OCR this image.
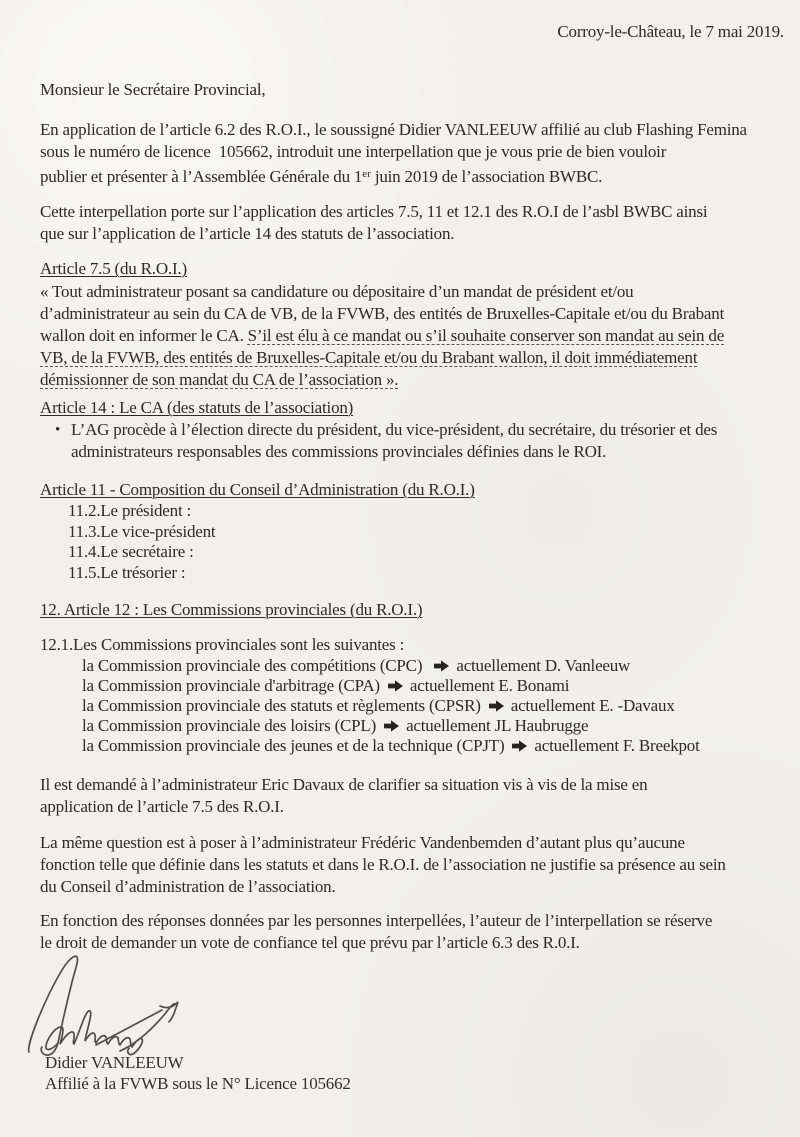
Corroy-le-Château, le 7 mai 2019.
Monsieur le Secrétaire Provincial,
En application de l’article 6.2 des R.O.I., le soussigné Didier VANLEEUW affilié au club Flashing Femina
sous le numéro de licence  105662, introduit une interpellation que je vous prie de bien vouloir
publier et présenter à l’Assemblée Générale du 1er juin 2019 de l’association BWBC.
Cette interpellation porte sur l’application des articles 7.5, 11 et 12.1 des R.O.I de l’asbl BWBC ainsi
que sur l’application de l’article 14 des statuts de l’association.
Article 7.5 (du R.O.I.)
« Tout administrateur posant sa candidature ou dépositaire d’un mandat de président et/ou
d’administrateur au sein du CA de VB, de la FVWB, des entités de Bruxelles-Capitale et/ou du Brabant
wallon doit en informer le CA. S’il est élu à ce mandat ou s’il souhaite conserver son mandat au sein de
VB, de la FVWB, des entités de Bruxelles-Capitale et/ou du Brabant wallon, il doit immédiatement
démissionner de son mandat du CA de l’association ».
Article 14 : Le CA (des statuts de l’association)
• L’AG procède à l’élection directe du président, du vice-président, du secrétaire, du trésorier et des
administrateurs responsables des commissions provinciales définies dans le ROI.
Article 11 - Composition du Conseil d’Administration (du R.O.I.)
11.2.Le président :
11.3.Le vice-président
11.4.Le secrétaire :
11.5.Le trésorier :
12. Article 12 : Les Commissions provinciales (du R.O.I.)
12.1.Les Commissions provinciales sont les suivantes :
la Commission provinciale des compétitions (CPC) actuellement D. Vanleeuw
la Commission provinciale d'arbitrage (CPA) actuellement E. Bonami
la Commission provinciale des statuts et règlements (CPSR) actuellement E. -Davaux
la Commission provinciale des loisirs (CPL) actuellement JL Haubrugge
la Commission provinciale des jeunes et de la technique (CPJT) actuellement F. Breekpot
Il est demandé à l’administrateur Eric Davaux de clarifier sa situation vis à vis de la mise en
application de l’article 7.5 des R.O.I.
La même question est à poser à l’administrateur Frédéric Vandenbemden d’autant plus qu’aucune
fonction telle que définie dans les statuts et dans le R.O.I. de l’association ne justifie sa présence au sein
du Conseil d’administration de l’association.
En fonction des réponses données par les personnes interpellées, l’auteur de l’interpellation se réserve
le droit de demander un vote de confiance tel que prévu par l’article 6.3 des R.0.I.
Didier VANLEEUW
Affilié à la FVWB sous le N° Licence 105662
